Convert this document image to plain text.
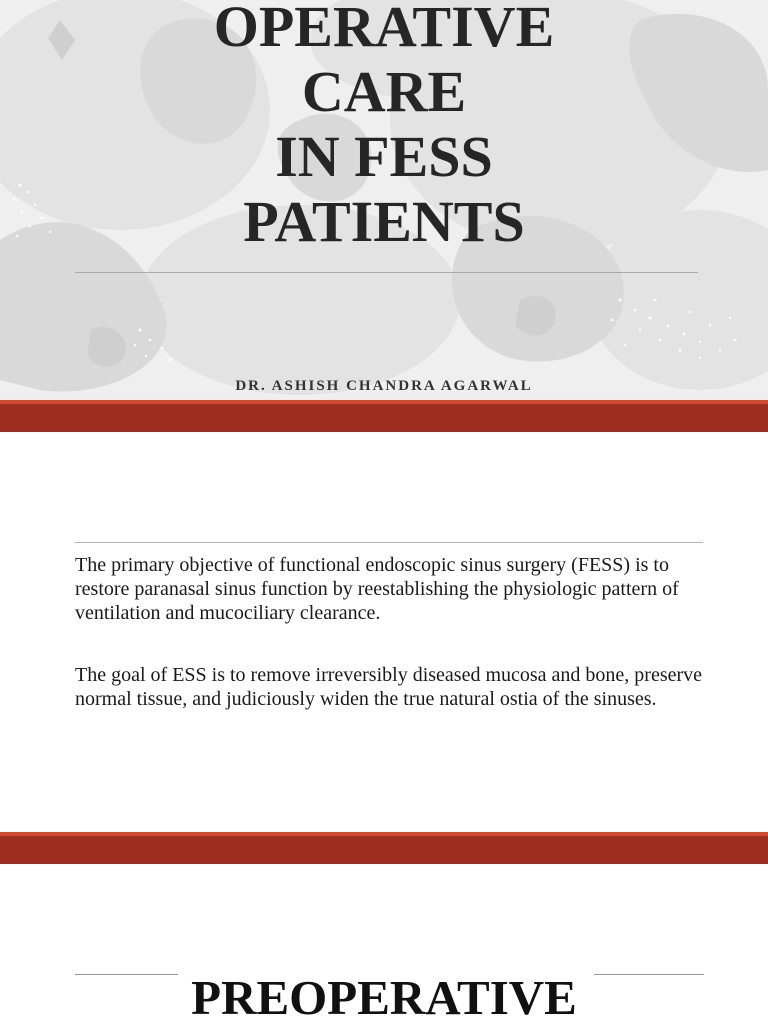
OPERATIVE
CARE
IN FESS
PATIENTS
DR. ASHISH CHANDRA AGARWAL

The primary objective of functional endoscopic sinus surgery (FESS) is to restore paranasal sinus function by reestablishing the physiologic pattern of ventilation and mucociliary clearance.

The goal of ESS is to remove irreversibly diseased mucosa and bone, preserve normal tissue, and judiciously widen the true natural ostia of the sinuses.

PREOPERATIVE
